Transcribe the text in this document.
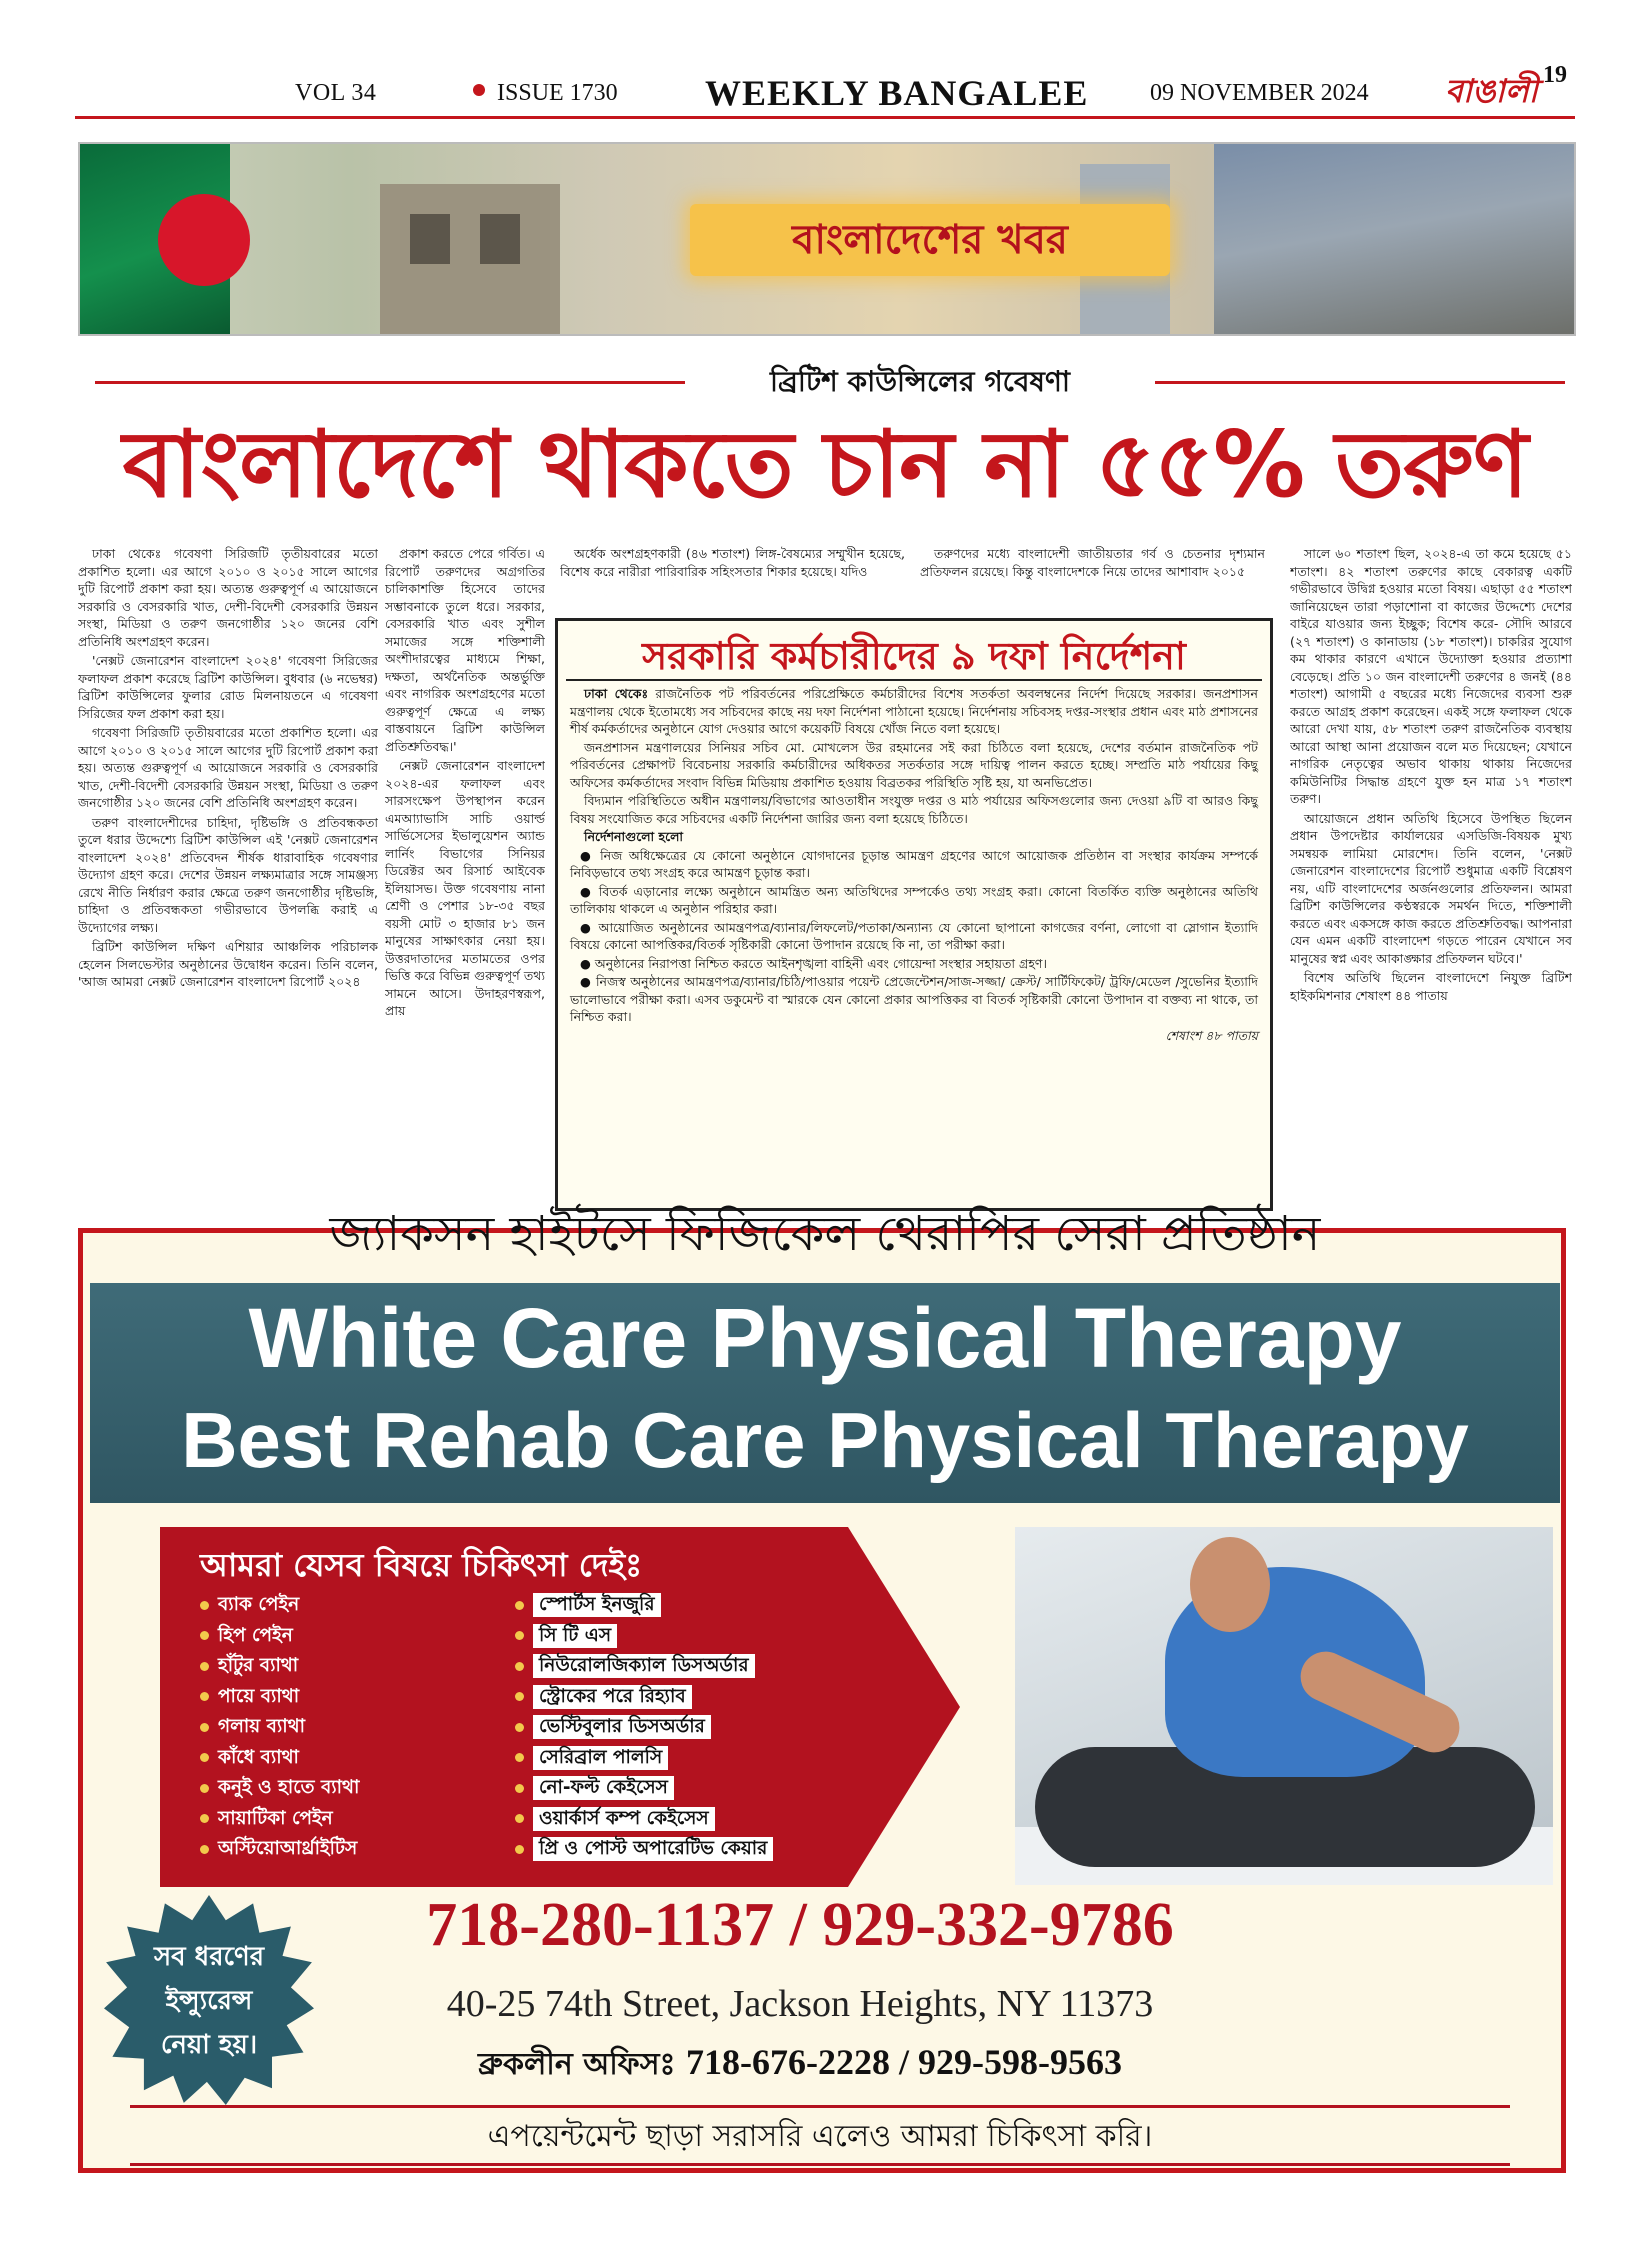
VOL 34	ISSUE 1730 WEEKLY BANGALEE	09 NOVEMBER 2024 বাঙালী 19
বাংলাদেশের খবর
ব্রিটিশ কাউন্সিলের গবেষণা
বাংলাদেশে থাকতে চান না ৫৫% তরুণ

ঢাকা থেকেঃ গবেষণা সিরিজটি তৃতীয়বারের মতো প্রকাশিত হলো। এর আগে ২০১০ ও ২০১৫ সালে আগের দুটি রিপোর্ট প্রকাশ করা হয়। অত্যন্ত গুরুত্বপূর্ণ এ আয়োজনে সরকারি ও বেসরকারি খাত, দেশী-বিদেশী বেসরকারি উন্নয়ন সংস্থা, মিডিয়া ও তরুণ জনগোষ্ঠীর ১২০ জনের বেশি প্রতিনিধি অংশগ্রহণ করেন।

'নেক্সট জেনারেশন বাংলাদেশ ২০২৪' গবেষণা সিরিজের ফলাফল প্রকাশ করেছে ব্রিটিশ কাউন্সিল। বুধবার (৬ নভেম্বর) ব্রিটিশ কাউন্সিলের ফুলার রোড মিলনায়তনে এ গবেষণা সিরিজের ফল প্রকাশ করা হয়।

গবেষণা সিরিজটি তৃতীয়বারের মতো প্রকাশিত হলো। এর আগে ২০১০ ও ২০১৫ সালে আগের দুটি রিপোর্ট প্রকাশ করা হয়। অত্যন্ত গুরুত্বপূর্ণ এ আয়োজনে সরকারি ও বেসরকারি খাত, দেশী-বিদেশী বেসরকারি উন্নয়ন সংস্থা, মিডিয়া ও তরুণ জনগোষ্ঠীর ১২০ জনের বেশি প্রতিনিধি অংশগ্রহণ করেন।

তরুণ বাংলাদেশীদের চাহিদা, দৃষ্টিভঙ্গি ও প্রতিবন্ধকতা তুলে ধরার উদ্দেশ্যে ব্রিটিশ কাউন্সিল এই 'নেক্সট জেনারেশন বাংলাদেশ ২০২৪' প্রতিবেদন শীর্ষক ধারাবাহিক গবেষণার উদ্যোগ গ্রহণ করে। দেশের উন্নয়ন লক্ষ্যমাত্রার সঙ্গে সামঞ্জস্য রেখে নীতি নির্ধারণ করার ক্ষেত্রে তরুণ জনগোষ্ঠীর দৃষ্টিভঙ্গি, চাহিদা ও প্রতিবন্ধকতা গভীরভাবে উপলব্ধি করাই এ উদ্যোগের লক্ষ্য।

ব্রিটিশ কাউন্সিল দক্ষিণ এশিয়ার আঞ্চলিক পরিচালক হেলেন সিলভেস্টার অনুষ্ঠানের উদ্বোধন করেন। তিনি বলেন, 'আজ আমরা নেক্সট জেনারেশন বাংলাদেশ রিপোর্ট ২০২৪

প্রকাশ করতে পেরে গর্বিত। এ রিপোর্ট তরুণদের অগ্রগতির চালিকাশক্তি হিসেবে তাদের সম্ভাবনাকে তুলে ধরে। সরকার, বেসরকারি খাত এবং সুশীল সমাজের সঙ্গে শক্তিশালী অংশীদারত্বের মাধ্যমে শিক্ষা, দক্ষতা, অর্থনৈতিক অন্তর্ভুক্তি এবং নাগরিক অংশগ্রহণের মতো গুরুত্বপূর্ণ ক্ষেত্রে এ লক্ষ্য বাস্তবায়নে ব্রিটিশ কাউন্সিল প্রতিশ্রুতিবদ্ধ।'

নেক্সট জেনারেশন বাংলাদেশ ২০২৪-এর ফলাফল এবং সারসংক্ষেপ উপস্থাপন করেন এমআ্যাভাসি সাচি ওয়ার্ল্ড সার্ভিসেসের ইভালুয়েশন অ্যান্ড লার্নিং বিভাগের সিনিয়র ডিরেক্টর অব রিসার্চ আইবেক ইলিয়াসভ। উক্ত গবেষণায় নানা শ্রেণী ও পেশার ১৮-৩৫ বছর বয়সী মোট ৩ হাজার ৮১ জন মানুষের সাক্ষাৎকার নেয়া হয়। উত্তরদাতাদের মতামতের ওপর ভিত্তি করে বিভিন্ন গুরুত্বপূর্ণ তথ্য সামনে আসে। উদাহরণস্বরূপ, প্রায়

অর্ধেক অংশগ্রহণকারী (৪৬ শতাংশ) লিঙ্গ-বৈষম্যের সম্মুখীন হয়েছে, বিশেষ করে নারীরা পারিবারিক সহিংসতার শিকার হয়েছে। যদিও

তরুণদের মধ্যে বাংলাদেশী জাতীয়তার গর্ব ও চেতনার দৃশ্যমান প্রতিফলন রয়েছে। কিন্তু বাংলাদেশকে নিয়ে তাদের আশাবাদ ২০১৫

সালে ৬০ শতাংশ ছিল, ২০২৪-এ তা কমে হয়েছে ৫১ শতাংশ। ৪২ শতাংশ তরুণের কাছে বেকারত্ব একটি গভীরভাবে উদ্বিগ্ন হওয়ার মতো বিষয়। এছাড়া ৫৫ শতাংশ জানিয়েছেন তারা পড়াশোনা বা কাজের উদ্দেশ্যে দেশের বাইরে যাওয়ার জন্য ইচ্ছুক; বিশেষ করে- সৌদি আরবে (২৭ শতাংশ) ও কানাডায় (১৮ শতাংশ)। চাকরির সুযোগ কম থাকার কারণে এখানে উদ্যোক্তা হওয়ার প্রত্যাশা বেড়েছে। প্রতি ১০ জন বাংলাদেশী তরুণের ৪ জনই (৪৪ শতাংশ) আগামী ৫ বছরের মধ্যে নিজেদের ব্যবসা শুরু করতে আগ্রহ প্রকাশ করেছেন। একই সঙ্গে ফলাফল থেকে আরো দেখা যায়, ৫৮ শতাংশ তরুণ রাজনৈতিক ব্যবস্থায় আরো আস্থা আনা প্রয়োজন বলে মত দিয়েছেন; যেখানে নাগরিক নেতৃত্বের অভাব থাকায় থাকায় নিজেদের কমিউনিটির সিদ্ধান্ত গ্রহণে যুক্ত হন মাত্র ১৭ শতাংশ তরুণ।

আয়োজনে প্রধান অতিথি হিসেবে উপস্থিত ছিলেন প্রধান উপদেষ্টার কার্যালয়ের এসডিজি-বিষয়ক মুখ্য সমন্বয়ক লামিয়া মোরশেদ। তিনি বলেন, 'নেক্সট জেনারেশন বাংলাদেশের রিপোর্ট শুধুমাত্র একটি বিশ্লেষণ নয়, এটি বাংলাদেশের অর্জনগুলোর প্রতিফলন। আমরা ব্রিটিশ কাউন্সিলের কণ্ঠস্বরকে সমর্থন দিতে, শক্তিশালী করতে এবং একসঙ্গে কাজ করতে প্রতিশ্রুতিবদ্ধ। আপনারা যেন এমন একটি বাংলাদেশ গড়তে পারেন যেখানে সব মানুষের স্বপ্ন এবং আকাঙ্ক্ষার প্রতিফলন ঘটবে।'

বিশেষ অতিথি ছিলেন বাংলাদেশে নিযুক্ত ব্রিটিশ হাইকমিশনার শেষাংশ ৪৪ পাতায়

সরকারি কর্মচারীদের ৯ দফা নির্দেশনা

ঢাকা থেকেঃ রাজনৈতিক পট পরিবর্তনের পরিপ্রেক্ষিতে কর্মচারীদের বিশেষ সতর্কতা অবলম্বনের নির্দেশ দিয়েছে সরকার। জনপ্রশাসন মন্ত্রণালয় থেকে ইতোমধ্যে সব সচিবদের কাছে নয় দফা নির্দেশনা পাঠানো হয়েছে। নির্দেশনায় সচিবসহ দপ্তর-সংস্থার প্রধান এবং মাঠ প্রশাসনের শীর্ষ কর্মকর্তাদের অনুষ্ঠানে যোগ দেওয়ার আগে কয়েকটি বিষয়ে খোঁজ নিতে বলা হয়েছে।

জনপ্রশাসন মন্ত্রণালয়ের সিনিয়র সচিব মো. মোখলেস উর রহমানের সই করা চিঠিতে বলা হয়েছে, দেশের বর্তমান রাজনৈতিক পট পরিবর্তনের প্রেক্ষাপট বিবেচনায় সরকারি কর্মচারীদের অধিকতর সতর্কতার সঙ্গে দায়িত্ব পালন করতে হচ্ছে। সম্প্রতি মাঠ পর্যায়ের কিছু অফিসের কর্মকর্তাদের সংবাদ বিভিন্ন মিডিয়ায় প্রকাশিত হওয়ায় বিব্রতকর পরিস্থিতি সৃষ্টি হয়, যা অনভিপ্রেত।

বিদ্যমান পরিস্থিতিতে অধীন মন্ত্রণালয়/বিভাগের আওতাধীন সংযুক্ত দপ্তর ও মাঠ পর্যায়ের অফিসগুলোর জন্য দেওয়া ৯টি বা আরও কিছু বিষয় সংযোজিত করে সচিবদের একটি নির্দেশনা জারির জন্য বলা হয়েছে চিঠিতে।

নির্দেশনাগুলো হলো

● নিজ অধিক্ষেত্রের যে কোনো অনুষ্ঠানে যোগদানের চূড়ান্ত আমন্ত্রণ গ্রহণের আগে আয়োজক প্রতিষ্ঠান বা সংস্থার কার্যক্রম সম্পর্কে নিবিড়ভাবে তথ্য সংগ্রহ করে আমন্ত্রণ চূড়ান্ত করা।

● বিতর্ক এড়ানোর লক্ষ্যে অনুষ্ঠানে আমন্ত্রিত অন্য অতিথিদের সম্পর্কেও তথ্য সংগ্রহ করা। কোনো বিতর্কিত ব্যক্তি অনুষ্ঠানের অতিথি তালিকায় থাকলে এ অনুষ্ঠান পরিহার করা।

● আয়োজিত অনুষ্ঠানের আমন্ত্রণপত্র/ব্যানার/লিফলেট/পতাকা/অন্যান্য যে কোনো ছাপানো কাগজের বর্ণনা, লোগো বা স্লোগান ইত্যাদি বিষয়ে কোনো আপত্তিকর/বিতর্ক সৃষ্টিকারী কোনো উপাদান রয়েছে কি না, তা পরীক্ষা করা।

● অনুষ্ঠানের নিরাপত্তা নিশ্চিত করতে আইনশৃঙ্খলা বাহিনী এবং গোয়েন্দা সংস্থার সহায়তা গ্রহণ।

● নিজস্ব অনুষ্ঠানের আমন্ত্রণপত্র/ব্যানার/চিঠি/পাওয়ার পয়েন্ট প্রেজেন্টেশন/সাজ-সজ্জা/ ক্রেস্ট/ সার্টিফিকেট/ ট্রফি/মেডেল /সুভেনির ইত্যাদি ভালোভাবে পরীক্ষা করা। এসব ডকুমেন্ট বা স্মারকে যেন কোনো প্রকার আপত্তিকর বা বিতর্ক সৃষ্টিকারী কোনো উপাদান বা বক্তব্য না থাকে, তা নিশ্চিত করা।

শেষাংশ ৪৮ পাতায়

জ্যাকসন হাইটসে ফিজিকেল থেরাপির সেরা প্রতিষ্ঠান
White Care Physical Therapy
Best Rehab Care Physical Therapy
আমরা যেসব বিষয়ে চিকিৎসা দেইঃ
ব্যাক পেইন
হিপ পেইন
হাঁটুর ব্যাথা
পায়ে ব্যাথা
গলায় ব্যাথা
কাঁধে ব্যাথা
কনুই ও হাতে ব্যাথা
সায়াটিকা পেইন
অস্টিয়োআর্থ্রাইটিস
স্পোর্টস ইনজুরি
সি টি এস
নিউরোলজিক্যাল ডিসঅর্ডার
স্ট্রোকের পরে রিহ্যাব
ভেস্টিবুলার ডিসঅর্ডার
সেরিব্রাল পালসি
নো-ফল্ট কেইসেস
ওয়ার্কার্স কম্প কেইসেস
প্রি ও পোস্ট অপারেটিভ কেয়ার
সব ধরণের
ইন্স্যুরেন্স
নেয়া হয়।
718-280-1137 / 929-332-9786
40-25 74th Street, Jackson Heights, NY 11373
ব্রুকলীন অফিসঃ 718-676-2228 / 929-598-9563
এপয়েন্টমেন্ট ছাড়া সরাসরি এলেও আমরা চিকিৎসা করি।
